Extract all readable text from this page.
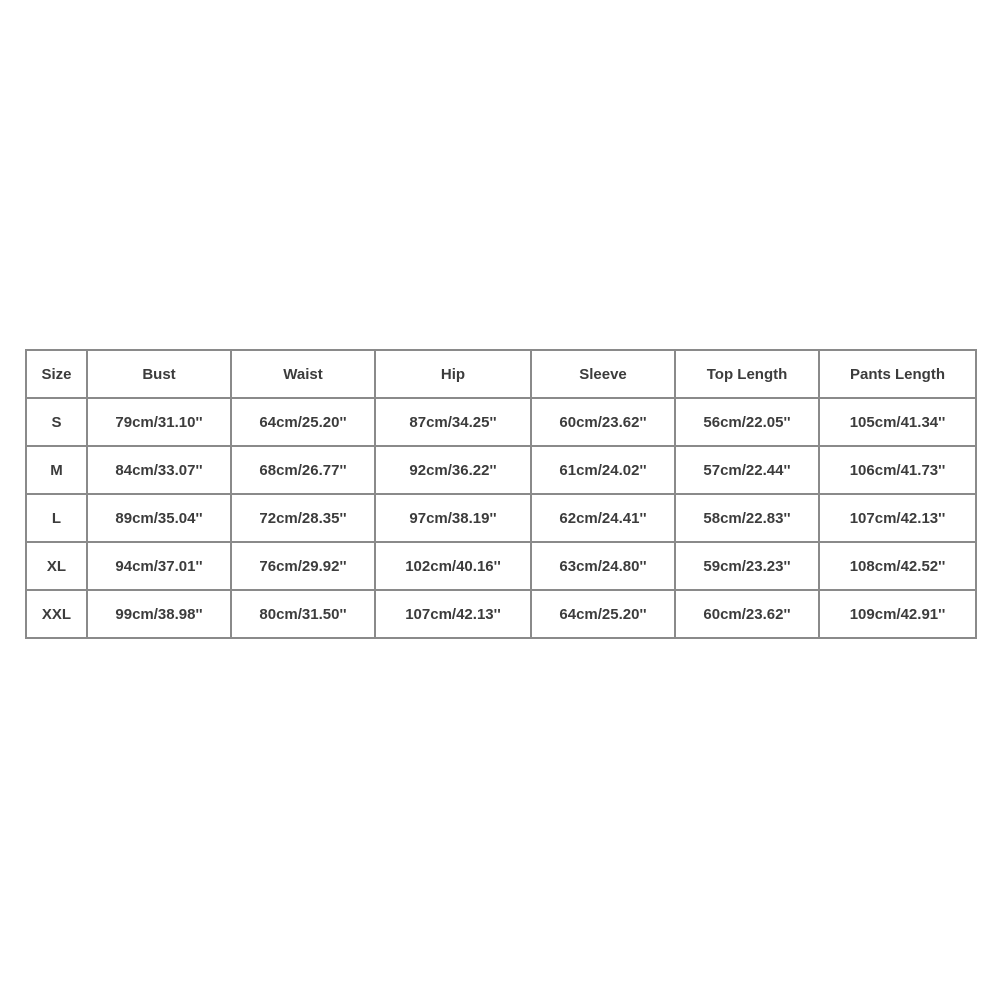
Size	Bust	Waist	Hip	Sleeve	Top Length	Pants Length
S	79cm/31.10''	64cm/25.20''	87cm/34.25''	60cm/23.62''	56cm/22.05''	105cm/41.34''
M	84cm/33.07''	68cm/26.77''	92cm/36.22''	61cm/24.02''	57cm/22.44''	106cm/41.73''
L	89cm/35.04''	72cm/28.35''	97cm/38.19''	62cm/24.41''	58cm/22.83''	107cm/42.13''
XL	94cm/37.01''	76cm/29.92''	102cm/40.16''	63cm/24.80''	59cm/23.23''	108cm/42.52''
XXL	99cm/38.98''	80cm/31.50''	107cm/42.13''	64cm/25.20''	60cm/23.62''	109cm/42.91''
